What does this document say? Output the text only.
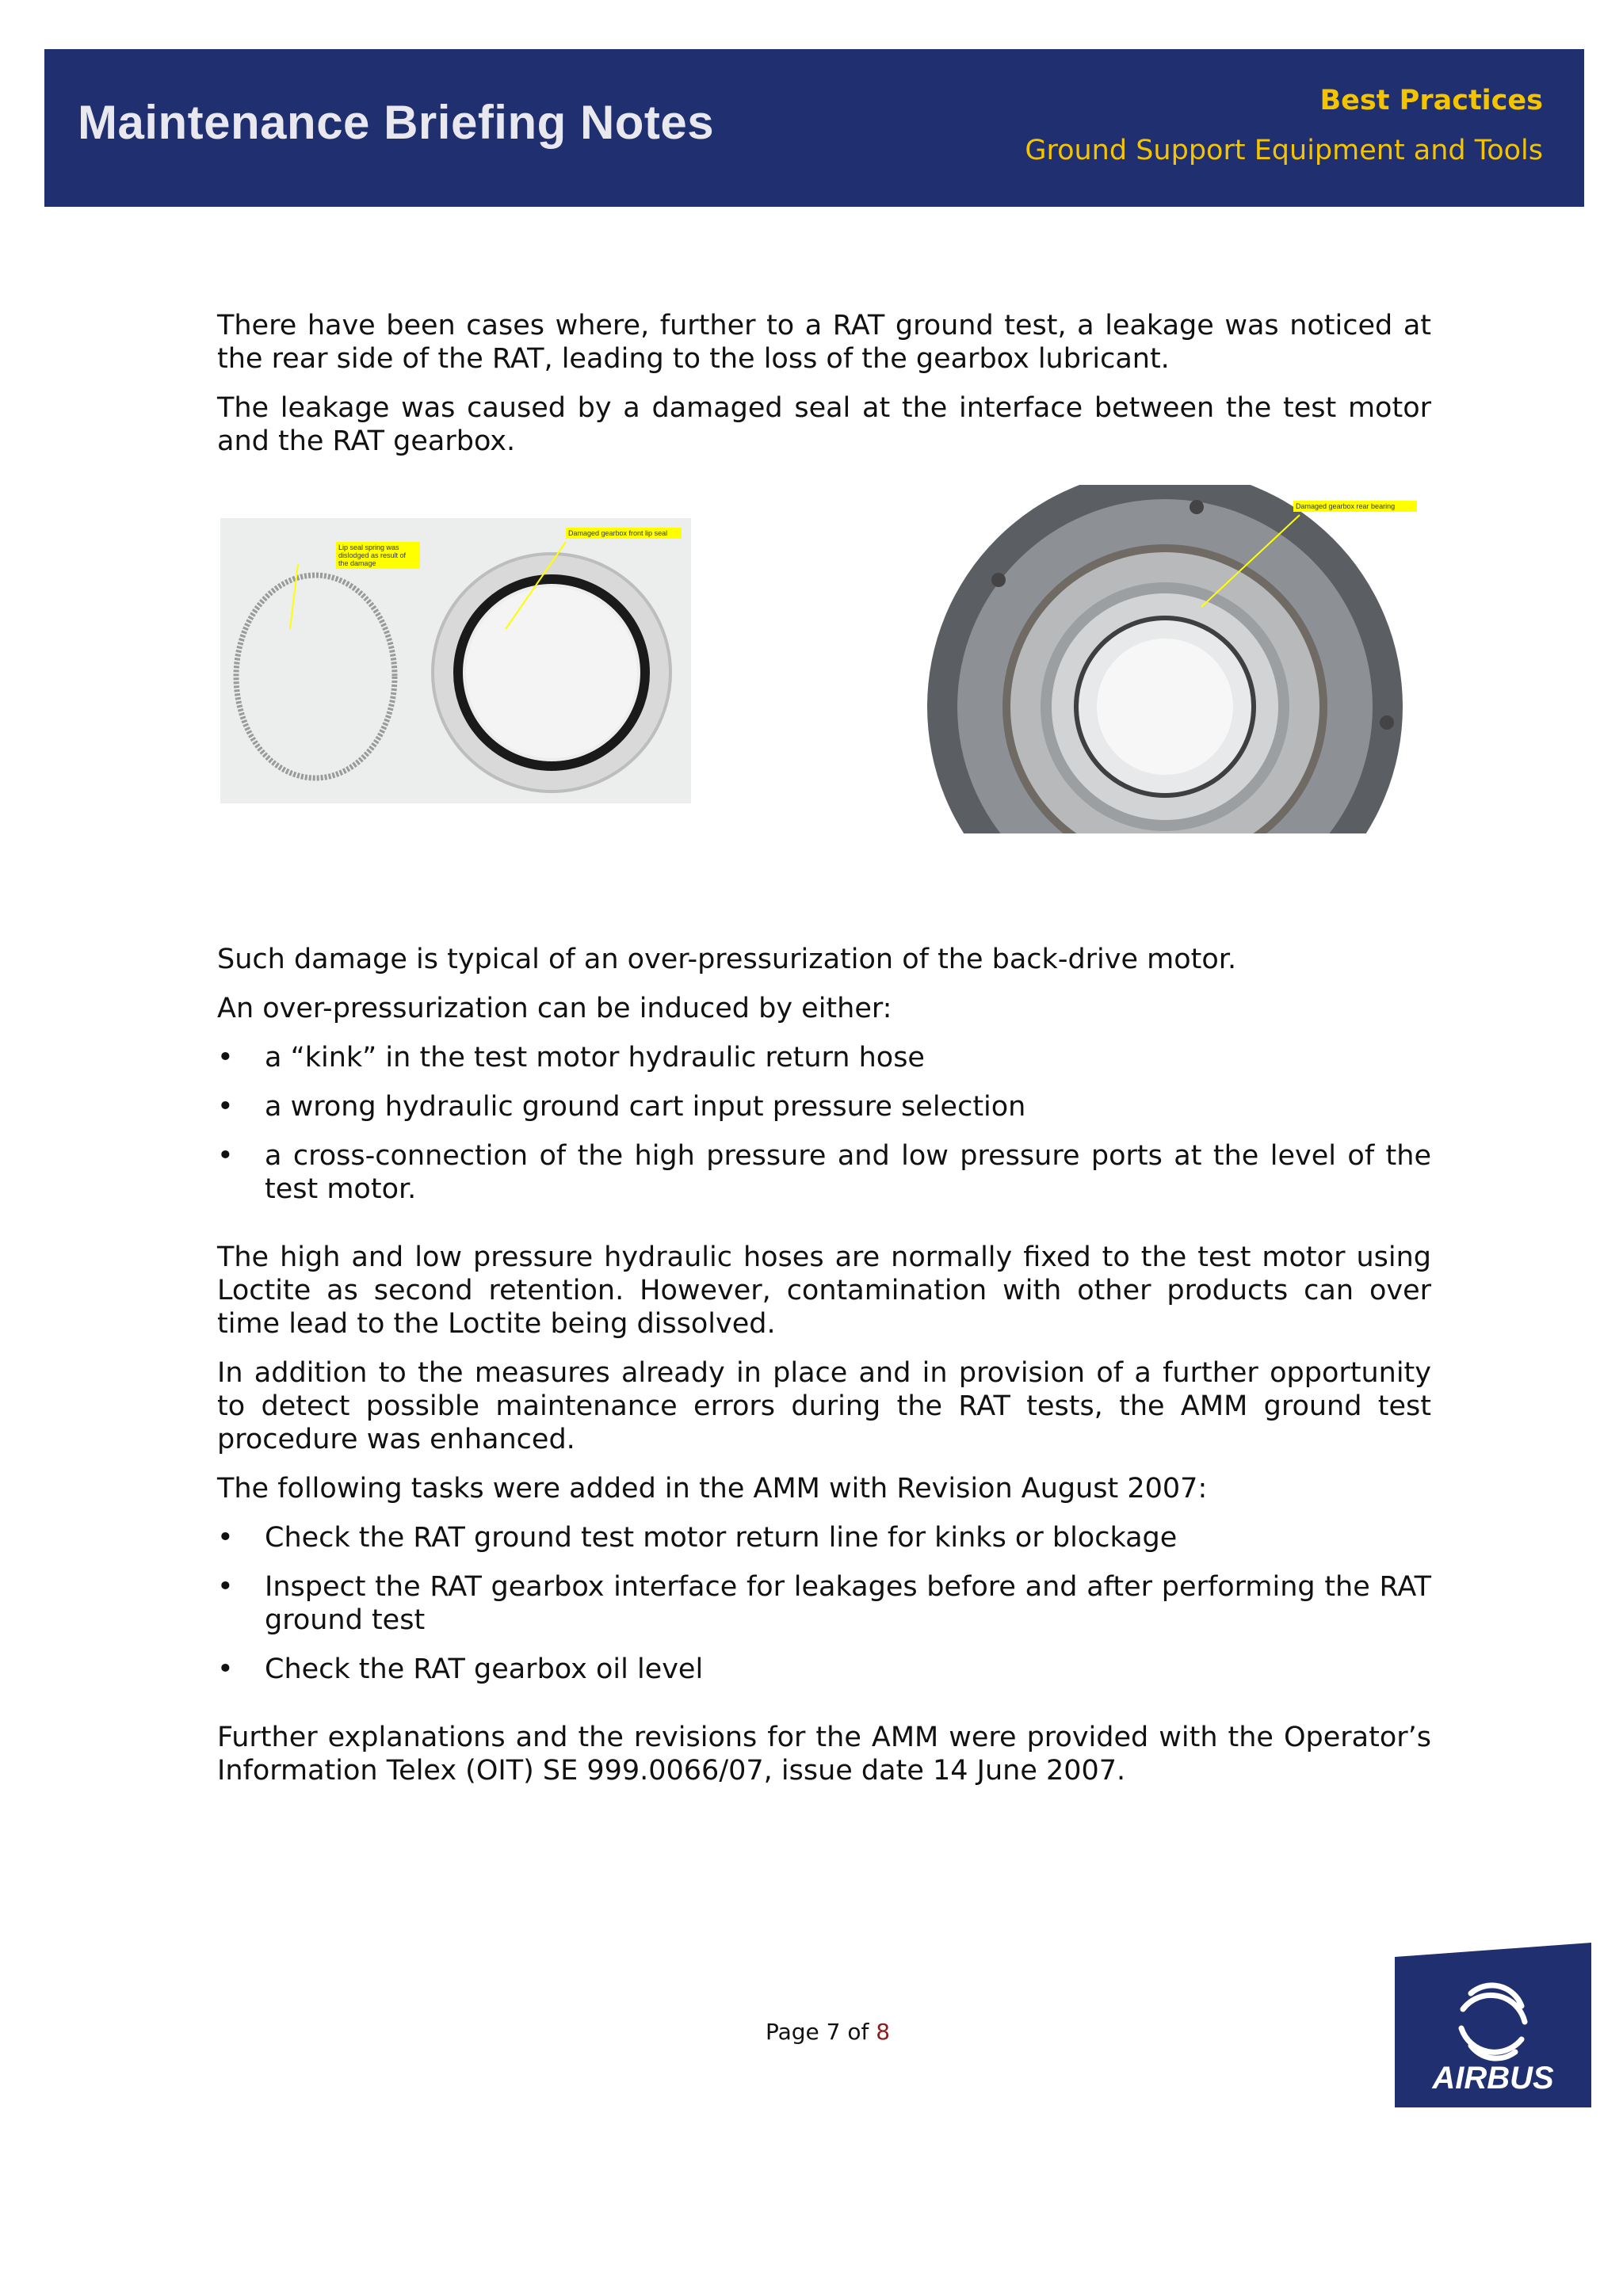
Maintenance Briefing Notes	Best Practices
Ground Support Equipment and Tools

There have been cases where, further to a RAT ground test, a leakage was noticed at the rear side of the RAT, leading to the loss of the gearbox lubricant.

The leakage was caused by a damaged seal at the interface between the test motor and the RAT gearbox.

Lip seal spring was dislodged as result of the damage
Damaged gearbox front lip seal
Damaged gearbox rear bearing

Such damage is typical of an over-pressurization of the back-drive motor.

An over-pressurization can be induced by either:

•	a “kink” in the test motor hydraulic return hose
•	a wrong hydraulic ground cart input pressure selection
•	a cross-connection of the high pressure and low pressure ports at the level of the test motor.

The high and low pressure hydraulic hoses are normally fixed to the test motor using Loctite as second retention. However, contamination with other products can over time lead to the Loctite being dissolved.

In addition to the measures already in place and in provision of a further opportunity to detect possible maintenance errors during the RAT tests, the AMM ground test procedure was enhanced.

The following tasks were added in the AMM with Revision August 2007:

•	Check the RAT ground test motor return line for kinks or blockage
•	Inspect the RAT gearbox interface for leakages before and after performing the RAT ground test
•	Check the RAT gearbox oil level

Further explanations and the revisions for the AMM were provided with the Operator’s Information Telex (OIT) SE 999.0066/07, issue date 14 June 2007.

Page 7 of 8
AIRBUS
